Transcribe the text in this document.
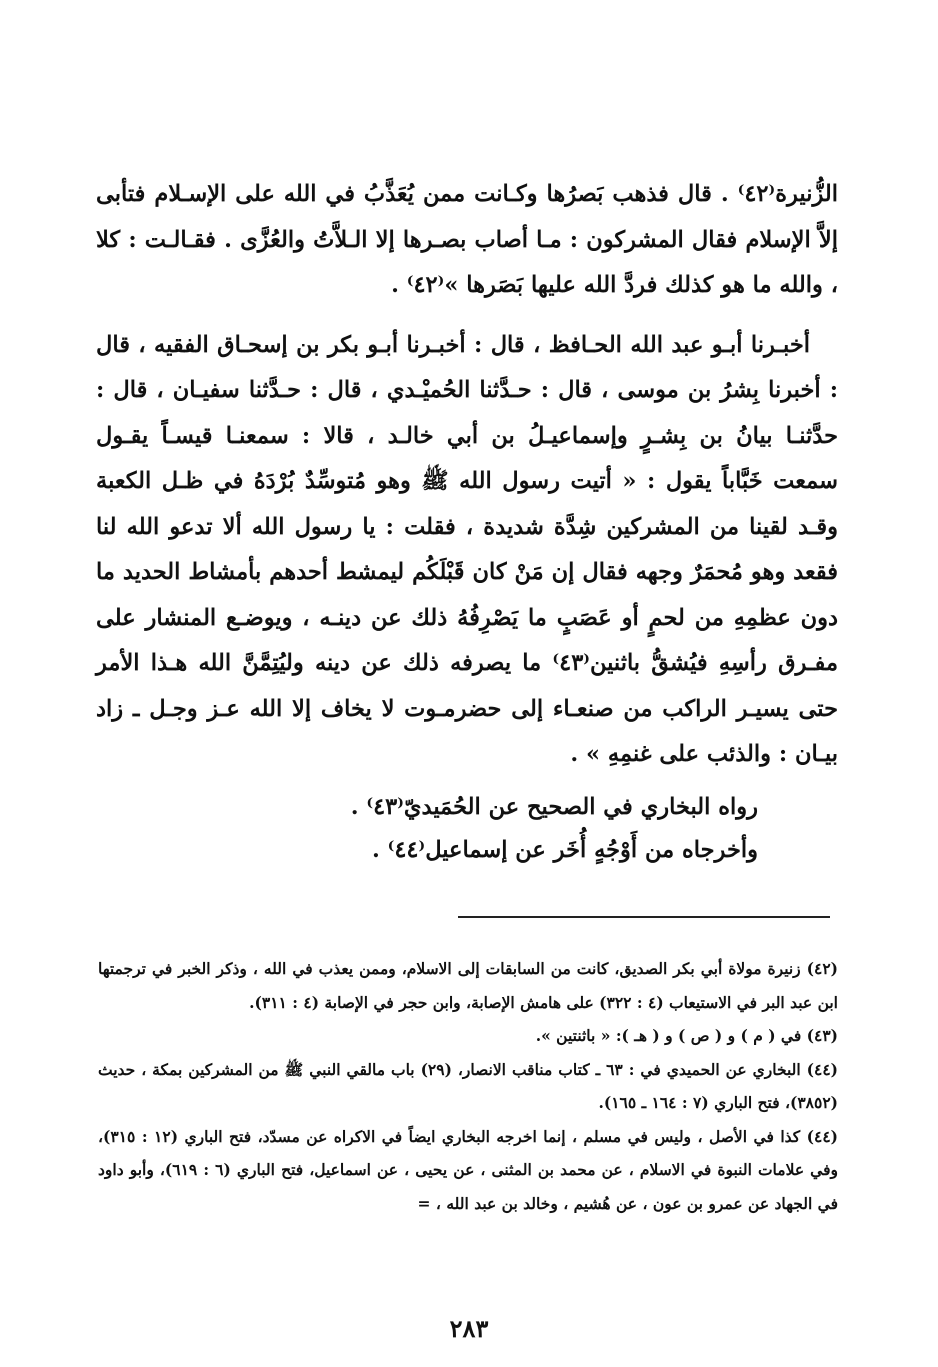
الزُّنيرة⁽٤٢⁾ . قال فذهب بَصرُها وكـانت ممن يُعَذَّبُ في الله على الإسـلام فتأبى إلاَّ الإسلام فقال المشركون : مـا أصاب بصـرها إلا الـلاَّتُ والعُزَّى . فقـالـت : كلا ، والله ما هو كذلك فردَّ الله عليها بَصَرها »⁽٤٢⁾ .

أخبـرنا أبـو عبد الله الحـافظ ، قال : أخبـرنا أبـو بكر بن إسحـاق الفقيه ، قال : أخبرنا بِشرُ بن موسى ، قال : حـدَّثنا الحُميْـدي ، قال : حـدَّثنا سفيـان ، قال : حدَّثنـا بيانُ بن بِشـرٍ وإسماعيـلُ بن أبي خالـد ، قالا : سمعنـا قيسـاً يقـول سمعت خَبَّاباً يقول : « أتيت رسول الله ﷺ وهو مُتوسِّدٌ بُرْدَهُ في ظـل الكعبة وقـد لقينا من المشركين شِدَّة شديدة ، فقلت : يا رسول الله ألا تدعو الله لنا فقعد وهو مُحمَرٌ وجهه فقال إن مَنْ كان قَبْلَكُم ليمشط أحدهم بأمشاط الحديد ما دون عظمِهِ من لحمٍ أو عَصَبٍ ما يَصْرِفُهُ ذلك عن دينـه ، ويوضـع المنشار على مفـرق رأسِهِ فيُشقُّ باثنين⁽٤٣⁾ ما يصرفه ذلك عن دينه وليُتِمَّنَّ الله هـذا الأمر حتى يسيـر الراكب من صنعـاء إلى حضرمـوت لا يخاف إلا الله عـز وجـل ـ زاد بيـان : والذئب على غنمِهِ » .

رواه البخاري في الصحيح عن الحُمَيديّ⁽٤٣⁾ .

وأخرجاه من أَوْجُهٍ أُخَر عن إسماعيل⁽٤٤⁾ .

(٤٢) زنيرة مولاة أبي بكر الصديق، كانت من السابقات إلى الاسلام، وممن يعذب في الله ، وذكر الخبر في ترجمتها ابن عبد البر في الاستيعاب (٤ : ٣٢٢) على هامش الإصابة، وابن حجر في الإصابة (٤ : ٣١١).

(٤٣) في ( م ) و ( ص ) و ( هـ ): « باثنتين ».

(٤٤) البخاري عن الحميدي في : ٦٣ ـ كتاب مناقب الانصار، (٢٩) باب مالقي النبي ﷺ من المشركين بمكة ، حديث (٣٨٥٢)، فتح الباري (٧ : ١٦٤ ـ ١٦٥).

(٤٤) كذا في الأصل ، وليس في مسلم ، إنما اخرجه البخاري ايضاً في الاكراه عن مسدّد، فتح الباري (١٢ : ٣١٥)، وفي علامات النبوة في الاسلام ، عن محمد بن المثنى ، عن يحيى ، عن اسماعيل، فتح الباري (٦ : ٦١٩)، وأبو داود في الجهاد عن عمرو بن عون ، عن هُشيم ، وخالد بن عبد الله ، =

٢٨٣
